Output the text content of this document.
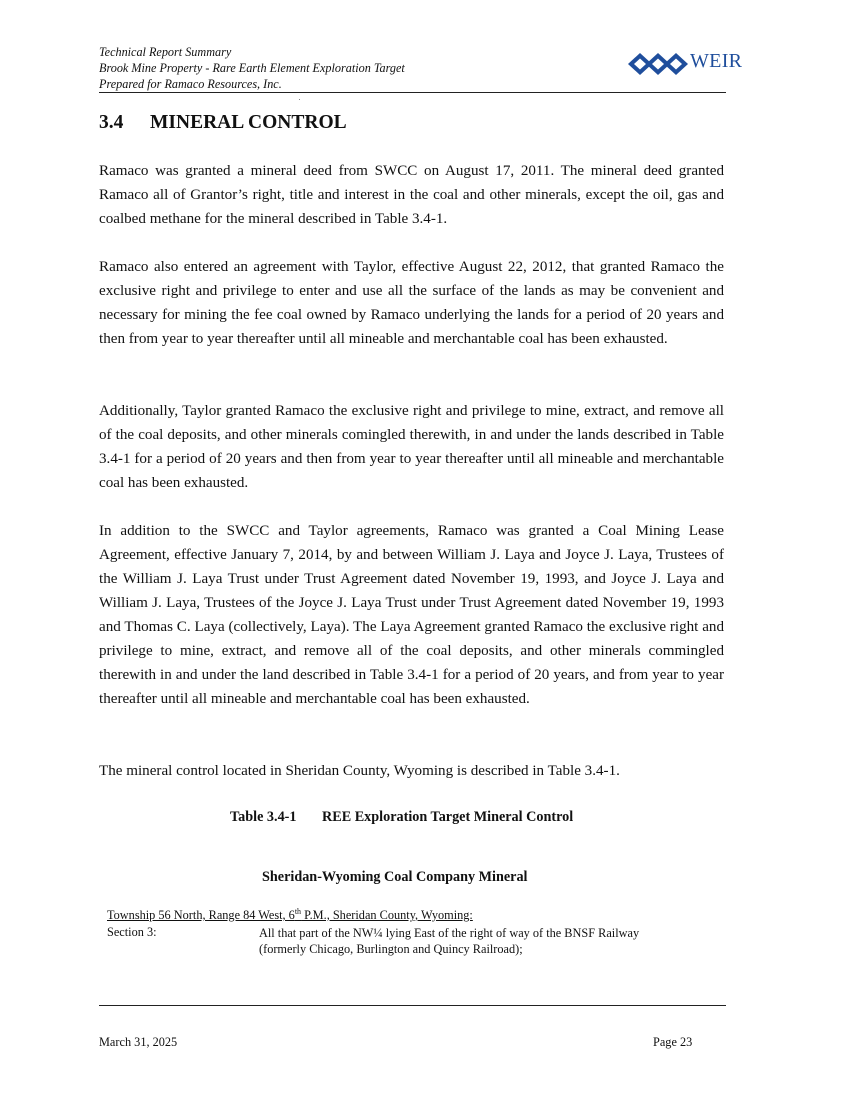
Technical Report Summary
Brook Mine Property - Rare Earth Element Exploration Target
Prepared for Ramaco Resources, Inc.
WEIR
3.4 MINERAL CONTROL

Ramaco was granted a mineral deed from SWCC on August 17, 2011. The mineral deed granted Ramaco all of Grantor’s right, title and interest in the coal and other minerals, except the oil, gas and coalbed methane for the mineral described in Table 3.4-1.

Ramaco also entered an agreement with Taylor, effective August 22, 2012, that granted Ramaco the exclusive right and privilege to enter and use all the surface of the lands as may be convenient and necessary for mining the fee coal owned by Ramaco underlying the lands for a period of 20 years and then from year to year thereafter until all mineable and merchantable coal has been exhausted.

Additionally, Taylor granted Ramaco the exclusive right and privilege to mine, extract, and remove all of the coal deposits, and other minerals comingled therewith, in and under the lands described in Table 3.4-1 for a period of 20 years and then from year to year thereafter until all mineable and merchantable coal has been exhausted.

In addition to the SWCC and Taylor agreements, Ramaco was granted a Coal Mining Lease Agreement, effective January 7, 2014, by and between William J. Laya and Joyce J. Laya, Trustees of the William J. Laya Trust under Trust Agreement dated November 19, 1993, and Joyce J. Laya and William J. Laya, Trustees of the Joyce J. Laya Trust under Trust Agreement dated November 19, 1993 and Thomas C. Laya (collectively, Laya). The Laya Agreement granted Ramaco the exclusive right and privilege to mine, extract, and remove all of the coal deposits, and other minerals commingled therewith in and under the land described in Table 3.4-1 for a period of 20 years, and from year to year thereafter until all mineable and merchantable coal has been exhausted.

The mineral control located in Sheridan County, Wyoming is described in Table 3.4-1.

Table 3.4-1 REE Exploration Target Mineral Control
Sheridan-Wyoming Coal Company Mineral
Township 56 North, Range 84 West, 6th P.M., Sheridan County, Wyoming:
Section 3:	All that part of the NW¼ lying East of the right of way of the BNSF Railway
(formerly Chicago, Burlington and Quincy Railroad);
March 31, 2025	Page 23
